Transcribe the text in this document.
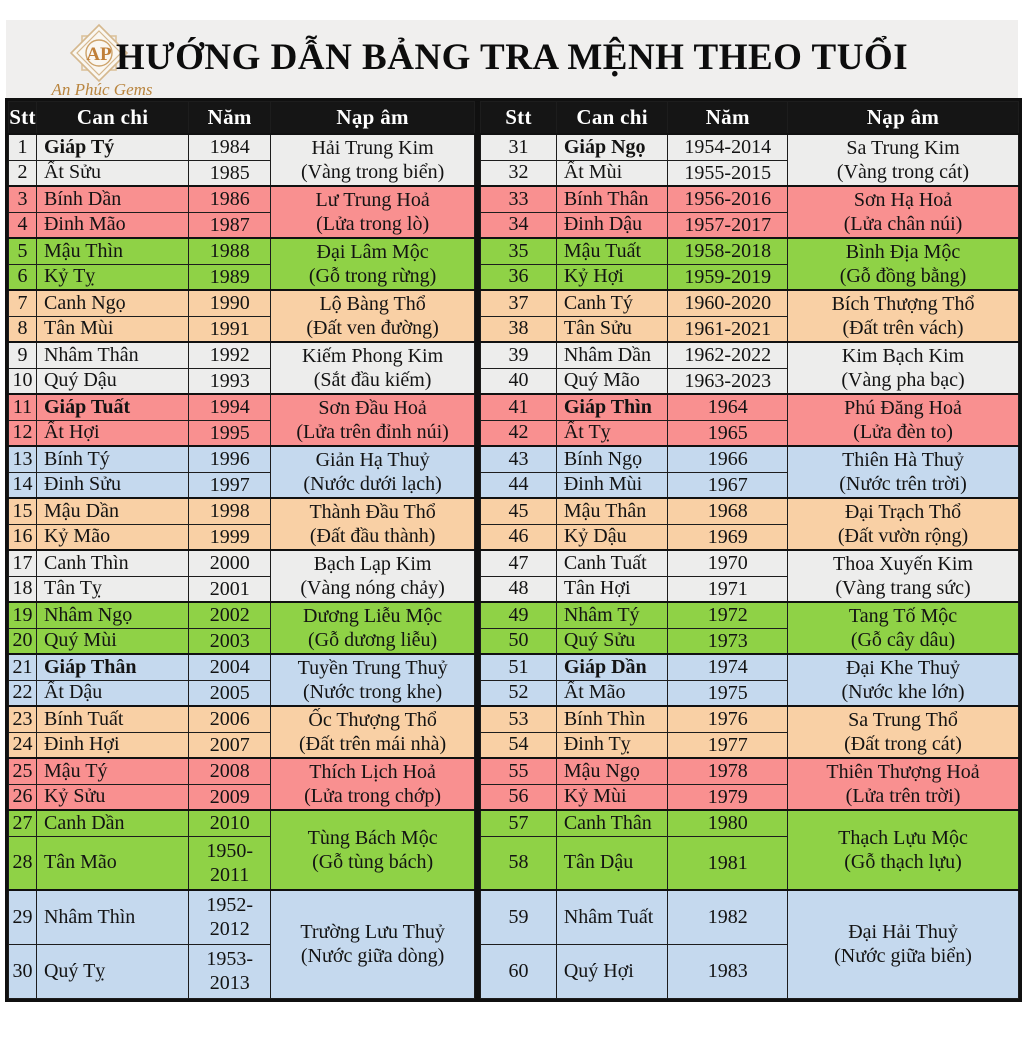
AP
An Phúc Gems
HƯỚNG DẪN BẢNG TRA MỆNH THEO TUỔI
Stt	Can chi	Năm	Nạp âm
1	Giáp Tý	1984	Hải Trung Kim
(Vàng trong biển)

2	Ất Sửu	1985	
3	Bính Dần	1986	Lư Trung Hoả
(Lửa trong lò)

4	Đinh Mão	1987	
5	Mậu Thìn	1988	Đại Lâm Mộc
(Gỗ trong rừng)

6	Kỷ Tỵ	1989	
7	Canh Ngọ	1990	Lộ Bàng Thổ
(Đất ven đường)

8	Tân Mùi	1991	
9	Nhâm Thân	1992	Kiếm Phong Kim
(Sắt đầu kiếm)

10	Quý Dậu	1993	
11	Giáp Tuất	1994	Sơn Đầu Hoả
(Lửa trên đỉnh núi)

12	Ất Hợi	1995	
13	Bính Tý	1996	Giản Hạ Thuỷ
(Nước dưới lạch)

14	Đinh Sửu	1997	
15	Mậu Dần	1998	Thành Đầu Thổ
(Đất đầu thành)

16	Kỷ Mão	1999	
17	Canh Thìn	2000	Bạch Lạp Kim
(Vàng nóng chảy)

18	Tân Tỵ	2001	
19	Nhâm Ngọ	2002	Dương Liễu Mộc
(Gỗ dương liễu)

20	Quý Mùi	2003	
21	Giáp Thân	2004	Tuyền Trung Thuỷ
(Nước trong khe)

22	Ất Dậu	2005	
23	Bính Tuất	2006	Ốc Thượng Thổ
(Đất trên mái nhà)

24	Đinh Hợi	2007	
25	Mậu Tý	2008	Thích Lịch Hoả
(Lửa trong chớp)

26	Kỷ Sửu	2009	
27	Canh Dần	2010	Tùng Bách Mộc
(Gỗ tùng bách)

28	Tân Mão	1950-
2011	

29	Nhâm Thìn	
1952-
2012	Trường Lưu Thuỷ
(Nước giữa dòng)

30	Quý Tỵ	1953-
2013	
Stt	Can chi	Năm	Nạp âm
31	Giáp Ngọ	1954-2014	Sa Trung Kim
(Vàng trong cát)

32	Ất Mùi	1955-2015	
33	Bính Thân	1956-2016	Sơn Hạ Hoả
(Lửa chân núi)

34	Đinh Dậu	1957-2017	
35	Mậu Tuất	1958-2018	Bình Địa Mộc
(Gỗ đồng bằng)

36	Kỷ Hợi	1959-2019	
37	Canh Tý	1960-2020	Bích Thượng Thổ
(Đất trên vách)

38	Tân Sửu	1961-2021	
39	Nhâm Dần	1962-2022	Kim Bạch Kim
(Vàng pha bạc)

40	Quý Mão	1963-2023	
41	Giáp Thìn	1964	Phú Đăng Hoả
(Lửa đèn to)

42	Ất Tỵ	1965	
43	Bính Ngọ	1966	Thiên Hà Thuỷ
(Nước trên trời)

44	Đinh Mùi	1967	
45	Mậu Thân	1968	Đại Trạch Thổ
(Đất vườn rộng)

46	Kỷ Dậu	1969	
47	Canh Tuất	1970	Thoa Xuyến Kim
(Vàng trang sức)

48	Tân Hợi	1971	
49	Nhâm Tý	1972	Tang Tố Mộc
(Gỗ cây dâu)

50	Quý Sửu	1973	
51	Giáp Dần	1974	Đại Khe Thuỷ
(Nước khe lớn)

52	Ất Mão	1975	
53	Bính Thìn	1976	Sa Trung Thổ
(Đất trong cát)

54	Đinh Tỵ	1977	
55	Mậu Ngọ	1978	Thiên Thượng Hoả
(Lửa trên trời)

56	Kỷ Mùi	1979	
57	Canh Thân	1980	Thạch Lựu Mộc
(Gỗ thạch lựu)

58	Tân Dậu	1981	
59	Nhâm Tuất	1982	Đại Hải Thuỷ
(Nước giữa biển)

60	Quý Hợi	1983	
